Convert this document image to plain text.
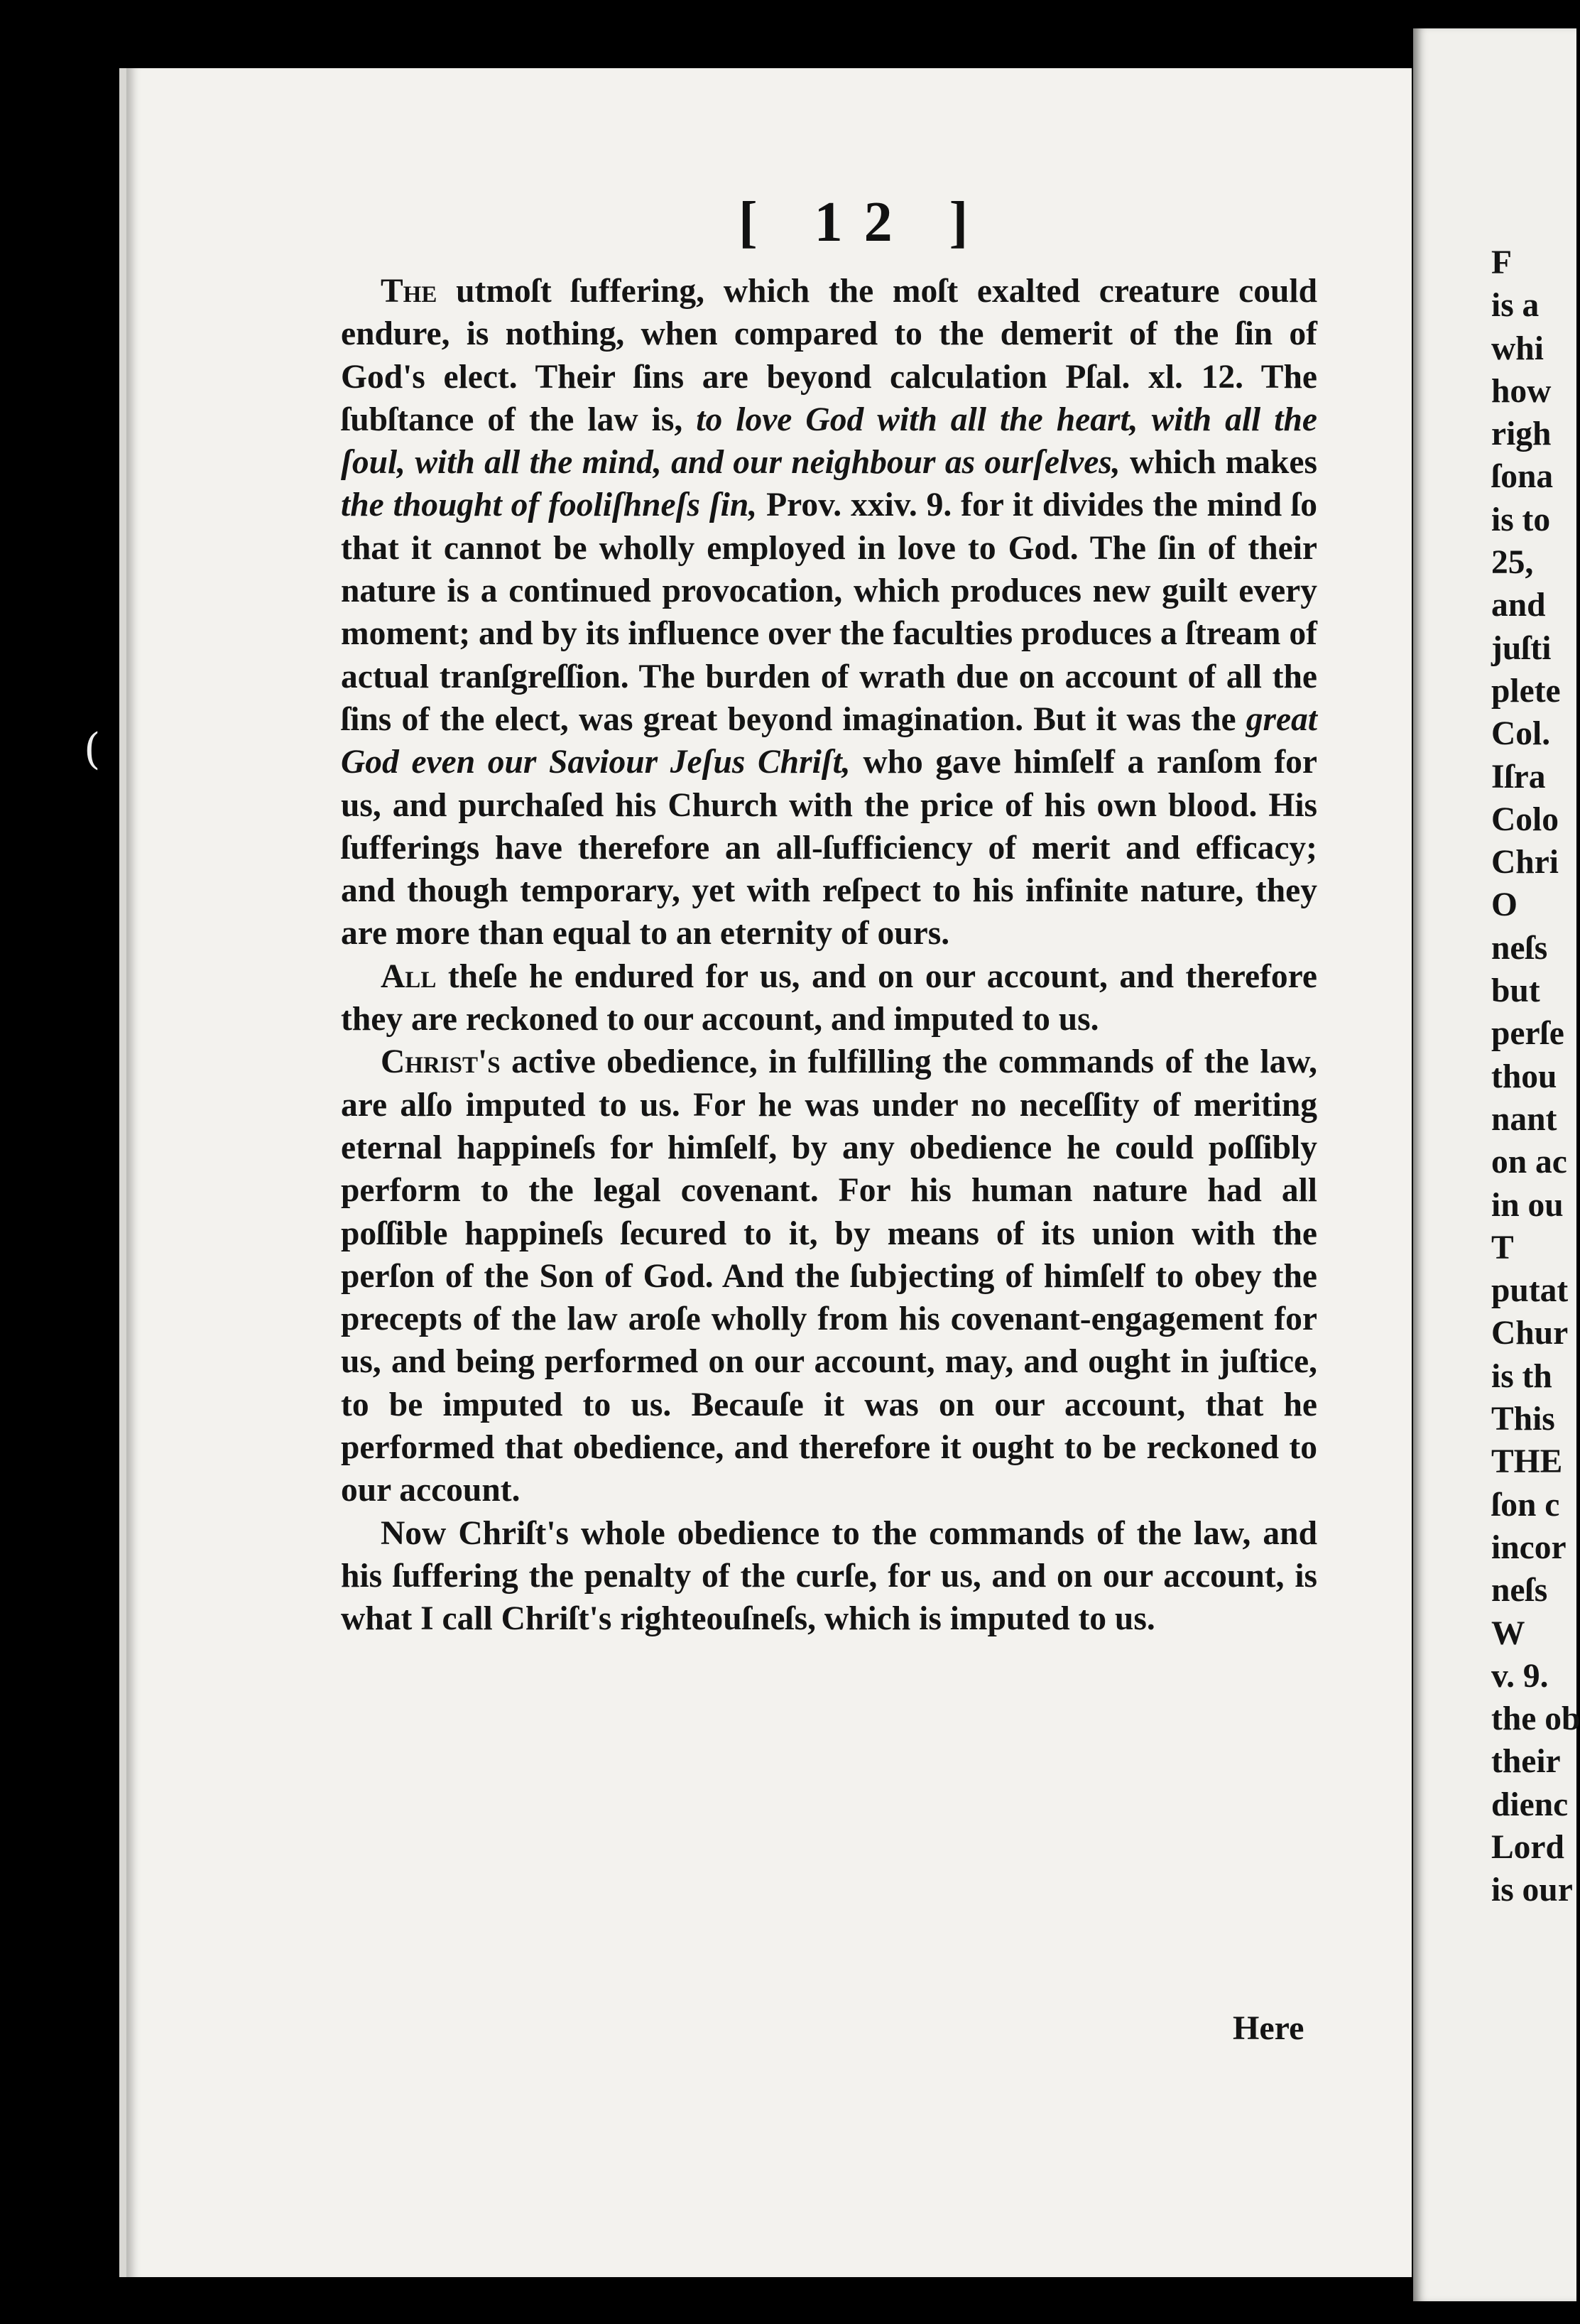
(
[ 12 ]

The utmoſt ſuffering, which the moſt exalted creature could endure, is nothing, when compared to the demerit of the ſin of God's elect. Their ſins are beyond calculation Pſal. xl. 12. The ſubſtance of the law is, to love God with all the heart, with all the ſoul, with all the mind, and our neighbour as ourſelves, which makes the thought of fooliſhneſs ſin, Prov. xxiv. 9. for it divides the mind ſo that it cannot be wholly employed in love to God. The ſin of their nature is a continued provocation, which produces new guilt every moment; and by its influence over the faculties produces a ſtream of actual tranſgreſſion. The burden of wrath due on account of all the ſins of the elect, was great beyond imagination. But it was the great God even our Saviour Jeſus Chriſt, who gave himſelf a ranſom for us, and purchaſed his Church with the price of his own blood. His ſufferings have therefore an all-ſufficiency of merit and efficacy; and though temporary, yet with reſpect to his infinite nature, they are more than equal to an eternity of ours.

All theſe he endured for us, and on our account, and therefore they are reckoned to our account, and imputed to us.

Christ's active obedience, in fulfilling the commands of the law, are alſo imputed to us. For he was under no neceſſity of meriting eternal happineſs for himſelf, by any obedience he could poſſibly perform to the legal covenant. For his human nature had all poſſible happineſs ſecured to it, by means of its union with the perſon of the Son of God. And the ſubjecting of himſelf to obey the precepts of the law aroſe wholly from his covenant-engagement for us, and being performed on our account, may, and ought in juſtice, to be imputed to us. Becauſe it was on our account, that he performed that obedience, and therefore it ought to be reckoned to our account.

Now Chriſt's whole obedience to the commands of the law, and his ſuffering the penalty of the curſe, for us, and on our account, is what I call Chriſt's righteouſneſs, which is imputed to us.

Here
F
is a
whi
how
righ
ſona
is to
25,
and
juſti
plete
Col.
Iſra
Colo
Chri
O
neſs
but
perſe
thou
nant
on ac
in ou
T
putat
Chur
is th
This
THE
ſon c
incor
neſs
W
v. 9.
the ob
their
dienc
Lord
is our
